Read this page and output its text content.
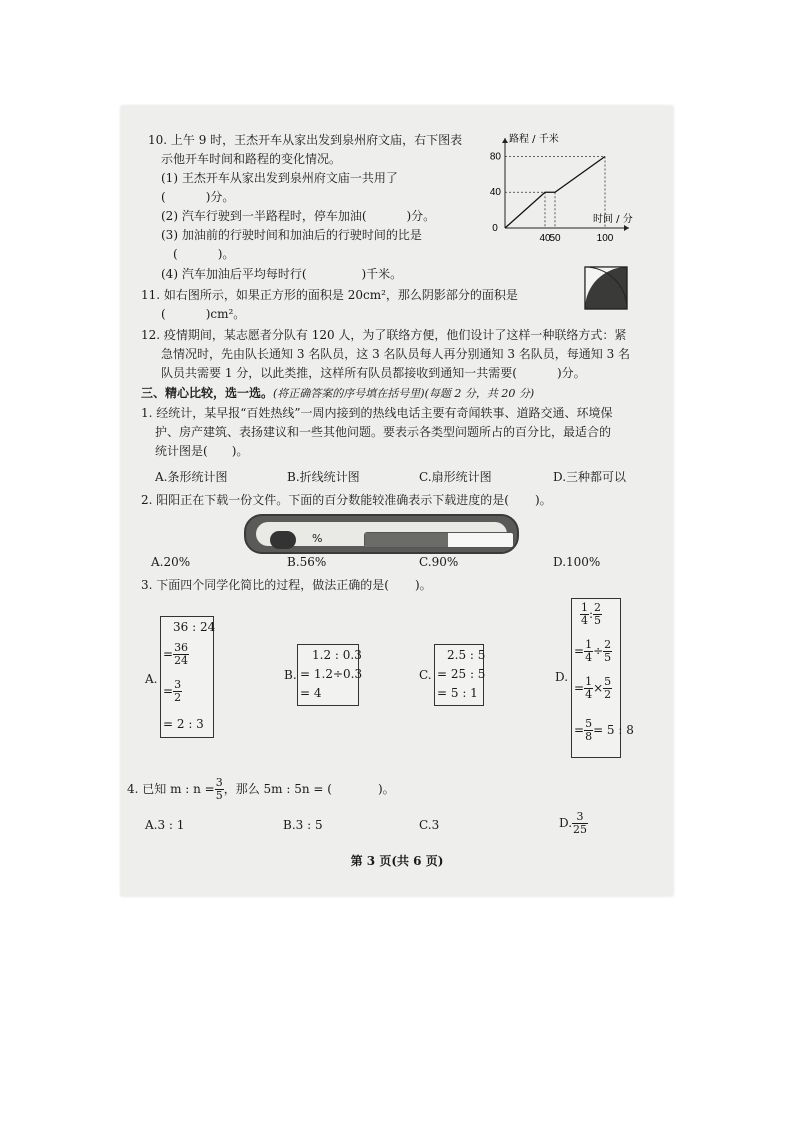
10. 上午 9 时，王杰开车从家出发到泉州府文庙，右下图表
示他开车时间和路程的变化情况。
(1) 王杰开车从家出发到泉州府文庙一共用了
(	)分。
(2) 汽车行驶到一半路程时，停车加油(	)分。
(3) 加油前的行驶时间和加油后的行驶时间的比是
(	)。
(4) 汽车加油后平均每时行(	)千米。
0
40
50	100
40
80
路程 / 千米
时间 / 分
11. 如右图所示，如果正方形的面积是 20cm²，那么阴影部分的面积是
(	)cm²。
12. 疫情期间，某志愿者分队有 120 人，为了联络方便，他们设计了这样一种联络方式：紧
急情况时，先由队长通知 3 名队员，这 3 名队员每人再分别通知 3 名队员，每通知 3 名
队员共需要 1 分，以此类推，这样所有队员都接收到通知一共需要(	)分。
三、精心比较，选一选。(将正确答案的序号填在括号里)(每题 2 分，共 20 分)
1. 经统计，某早报“百姓热线”一周内接到的热线电话主要有奇闻轶事、道路交通、环境保
护、房产建筑、表扬建议和一些其他问题。要表示各类型问题所占的百分比，最适合的
统计图是( )。
A.条形统计图	B.折线统计图	C.扇形统计图	D.三种都可以
2. 阳阳正在下载一份文件。下面的百分数能较准确表示下载进度的是( )。
%
A.20%	B.56%	C.90%	D.100%
3. 下面四个同学化简比的过程，做法正确的是( )。
A.
36 : 24
= $\frac{36}{24}$
= $\frac{3}{2}$
= 2 : 3
B.
1.2 : 0.3
= 1.2÷0.3
= 4
C.
2.5 : 5
= 25 : 5
= 5 : 1
D.
$\frac{1}{4}$ : $\frac{2}{5}$
= $\frac{1}{4} \div \frac{2}{5}$
= $\frac{1}{4} \times \frac{5}{2}$
= $\frac{5}{8} = 5$ : 8
4. 已知 m : $n = \frac{3}{5}$ ，那么 5m : 5n = (	)。
A.3 : 1	B.3 : 5	C.3	D. $\frac{3}{25}$
第 3 页(共 6 页)
